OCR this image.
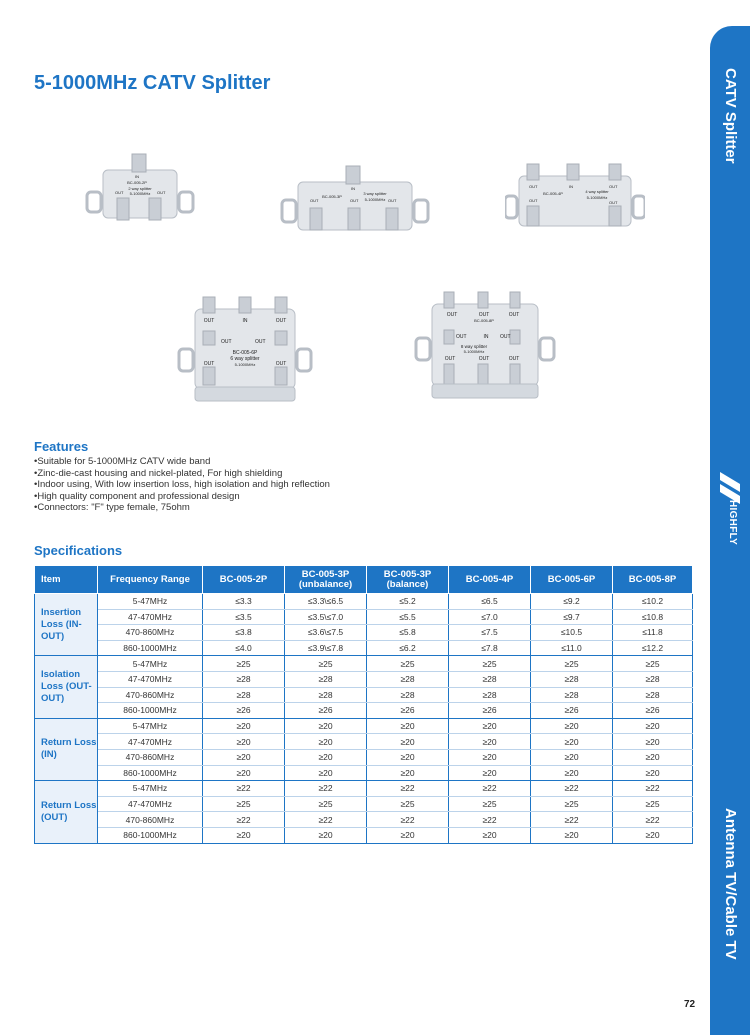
CATV Splitter
HIGHFLY
Antenna TV/Cable TV
5-1000MHz CATV Splitter
IN
BC-005-2P
2 way splitter
5-1000MHz
OUT	OUT
IN
BC-005-3P
3 way splitter
5-1000MHz
OUT	OUT	OUT
OUT	IN
BC-005-4P	4 way splitter
5-1000MHz
OUT
OUT	OUT
OUT	IN	OUT
OUT	OUT
BC-005-6P
6 way splitter
5-1000MHz
OUT	OUT
OUT	OUT	OUT
BC-005-8P
OUT	IN OUT
8 way splitter
5-1000MHz
OUT	OUT	OUT
Features
• Suitable for 5-1000MHz CATV wide band
• Zinc-die-cast housing and nickel-plated, For high shielding
• Indoor using, With low insertion loss, high isolation and high reflection
• High quality component and professional design
• Connectors: "F" type female, 75ohm
Specifications
Item	Frequency Range	BC-005-2P	BC-005-3P
(unbalance)	BC-005-3P
(balance)	BC-005-4P	BC-005-6P	BC-005-8P
Insertion Loss (IN-OUT)	5-47MHz	≤3.3	≤3.3\≤6.5	≤5.2	≤6.5	≤9.2	≤10.2
	47-470MHz	≤3.5	≤3.5\≤7.0	≤5.5	≤7.0	≤9.7	≤10.8
	470-860MHz	≤3.8	≤3.6\≤7.5	≤5.8	≤7.5	≤10.5	≤11.8
	860-1000MHz	≤4.0	≤3.9\≤7.8	≤6.2	≤7.8	≤11.0	≤12.2
Isolation Loss (OUT-OUT)	5-47MHz	≥25	≥25	≥25	≥25	≥25	≥25
	47-470MHz	≥28	≥28	≥28	≥28	≥28	≥28
	470-860MHz	≥28	≥28	≥28	≥28	≥28	≥28
	860-1000MHz	≥26	≥26	≥26	≥26	≥26	≥26
Return Loss (IN)	5-47MHz	≥20	≥20	≥20	≥20	≥20	≥20
	47-470MHz	≥20	≥20	≥20	≥20	≥20	≥20
	470-860MHz	≥20	≥20	≥20	≥20	≥20	≥20
	860-1000MHz	≥20	≥20	≥20	≥20	≥20	≥20
Return Loss (OUT)	5-47MHz	≥22	≥22	≥22	≥22	≥22	≥22
	47-470MHz	≥25	≥25	≥25	≥25	≥25	≥25
	470-860MHz	≥22	≥22	≥22	≥22	≥22	≥22
	860-1000MHz	≥20	≥20	≥20	≥20	≥20	≥20
72
